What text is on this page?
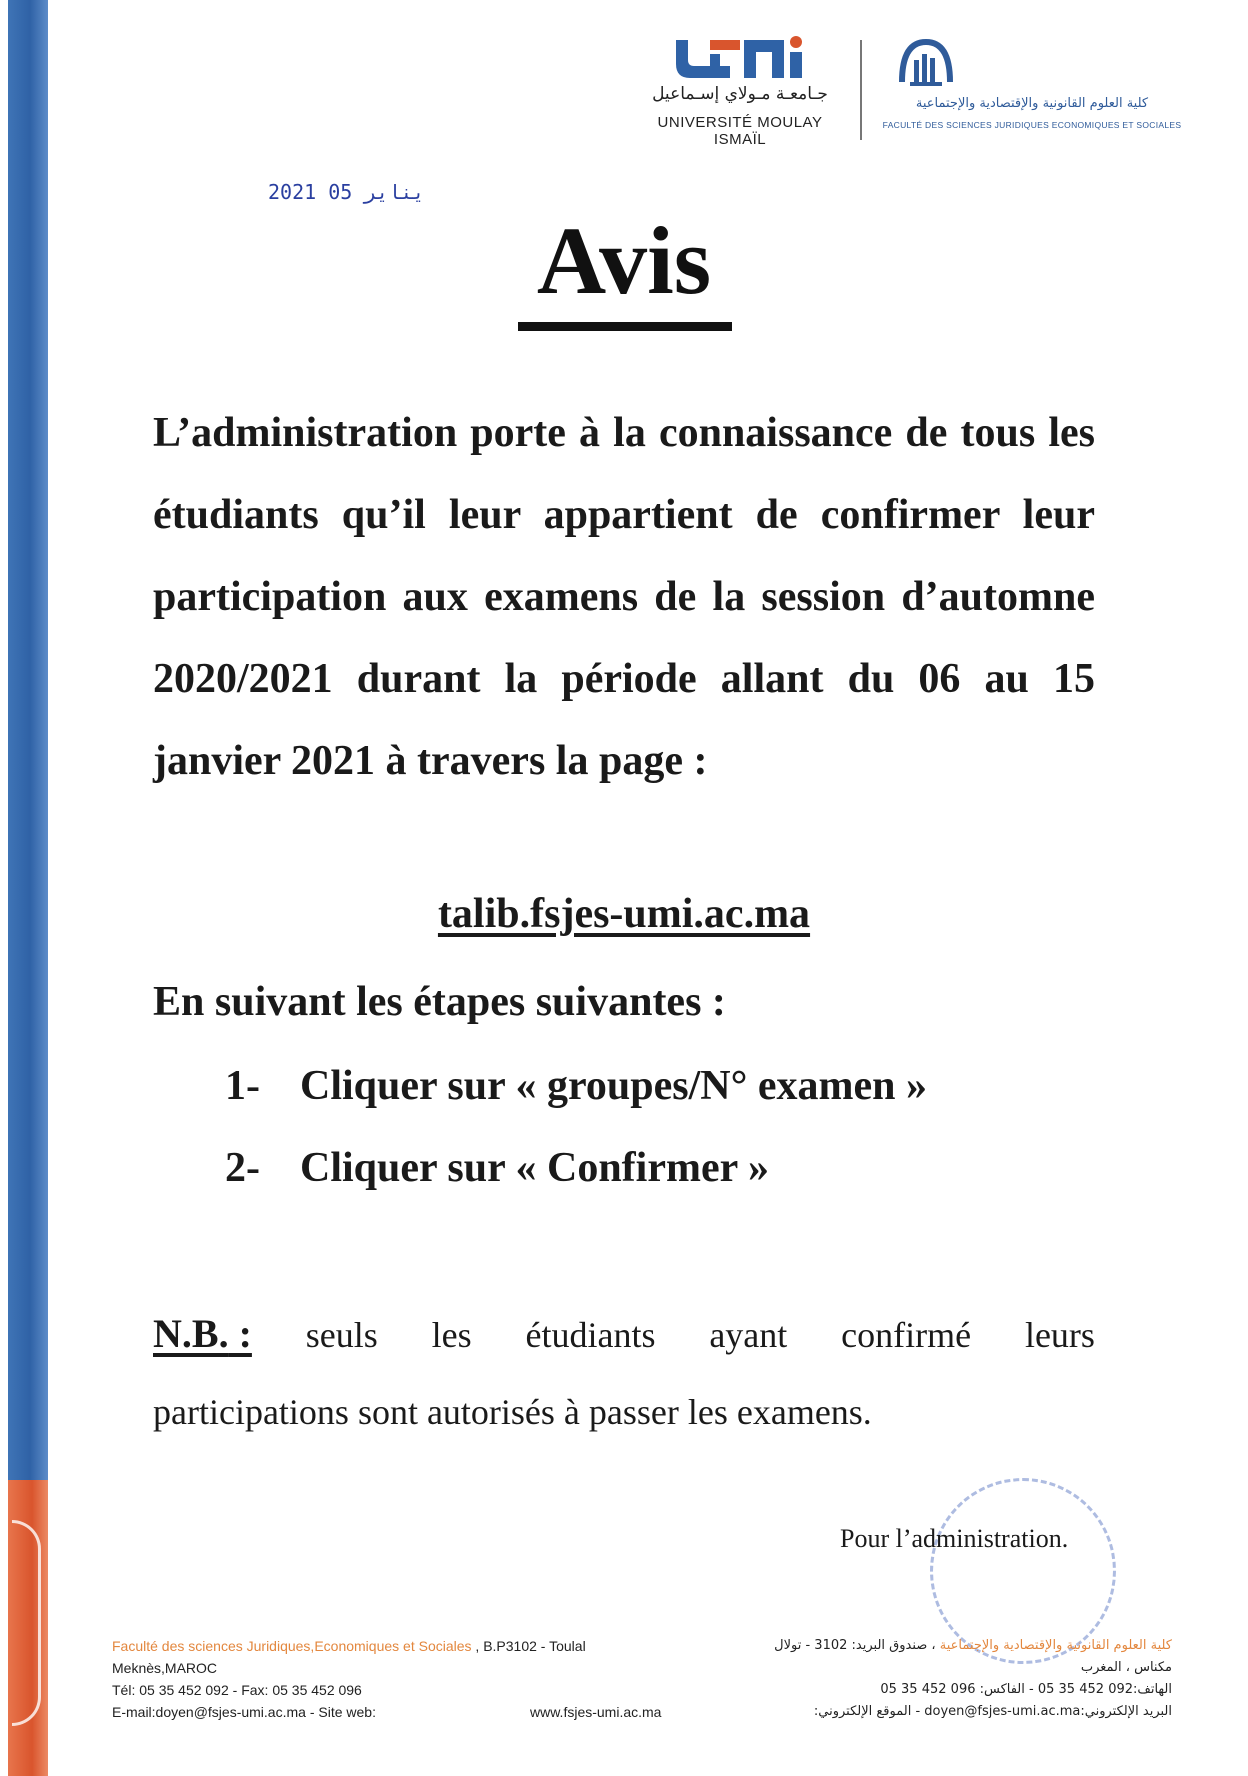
جـامعـة مـولاي إسـماعيل
UNIVERSITÉ MOULAY ISMAÏL
كلية العلوم القانونية والإقتصادية والإجتماعية
FACULTÉ DES SCIENCES JURIDIQUES ECONOMIQUES ET SOCIALES
2021 يناير 05
Avis
L’administration porte à la connaissance de tous les étudiants qu’il leur appartient de confirmer leur participation aux examens de la session d’automne 2020/2021 durant la période allant du 06 au 15 janvier 2021 à travers la page :
talib.fsjes-umi.ac.ma
En suivant les étapes suivantes :
1- Cliquer sur « groupes/N° examen »
2- Cliquer sur « Confirmer »
N.B. : seuls les étudiants ayant confirmé leurs
participations sont autorisés à passer les examens.
Pour l’administration.
Faculté des sciences Juridiques,Economiques et Sociales , B.P3102 - Toulal
Meknès,MAROC
Tél: 05 35 452 092 - Fax: 05 35 452 096
E-mail:doyen@fsjes-umi.ac.ma - Site web:	www.fsjes-umi.ac.ma
كلية العلوم القانونية والإقتصادية والإجتماعية ، صندوق البريد: 3102 - تولال
مكناس ، المغرب
الهاتف:092 452 35 05 - الفاكس: 096 452 35 05
البريد الإلكتروني:doyen@fsjes-umi.ac.ma - الموقع الإلكتروني:
